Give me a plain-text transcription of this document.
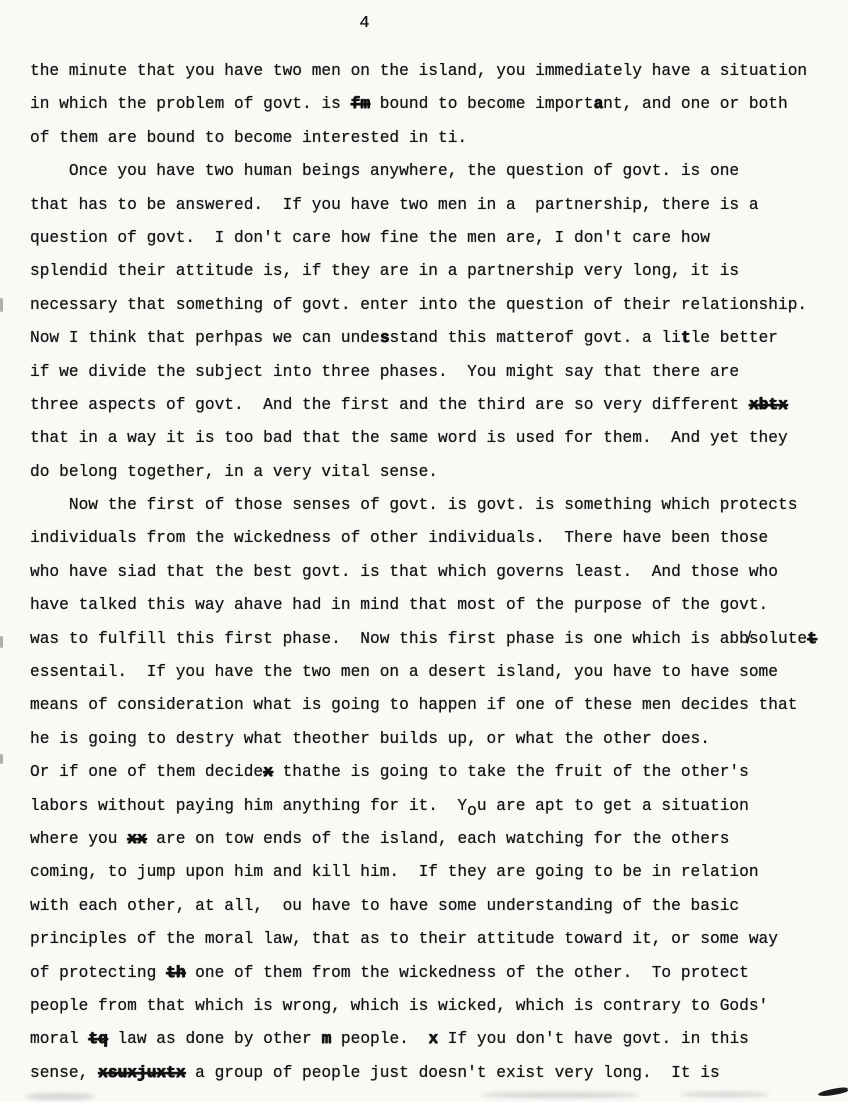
4
the minute that you have two men on the island, you immediately have a situation
in which the problem of govt. is fm bound to become important, and one or both
of them are bound to become interested in ti.
Once you have two human beings anywhere, the question of govt. is one
that has to be answered.  If you have two men in a  partnership, there is a
question of govt.  I don't care how fine the men are, I don't care how
splendid their attitude is, if they are in a partnership very long, it is
necessary that something of govt. enter into the question of their relationship.
Now I think that perhpas we can undesstand this matterof govt. a litle better
if we divide the subject into three phases.  You might say that there are
three aspects of govt.  And the first and the third are so very different xbtx
that in a way it is too bad that the same word is used for them.  And yet they
do belong together, in a very vital sense.
Now the first of those senses of govt. is govt. is something which protects
individuals from the wickedness of other individuals.  There have been those
who have siad that the best govt. is that which governs least.  And those who
have talked this way ahave had in mind that most of the purpose of the govt.
was to fulfill this first phase.  Now this first phase is one which is abb̸solutet
essentail.  If you have the two men on a desert island, you have to have some
means of consideration what is going to happen if one of these men decides that
he is going to destry what theother builds up, or what the other does.
Or if one of them decidex thathe is going to take the fruit of the other's
labors without paying him anything for it.  You are apt to get a situation
where you xx are on tow ends of the island, each watching for the others
coming, to jump upon him and kill him.  If they are going to be in relation
with each other, at all,  ou have to have some understanding of the basic
principles of the moral law, that as to their attitude toward it, or some way
of protecting th one of them from the wickedness of the other.  To protect
people from that which is wrong, which is wicked, which is contrary to Gods'
moral tq law as done by other m people.  x If you don't have govt. in this
sense, xsuxjuxtx a group of people just doesn't exist very long.  It is
